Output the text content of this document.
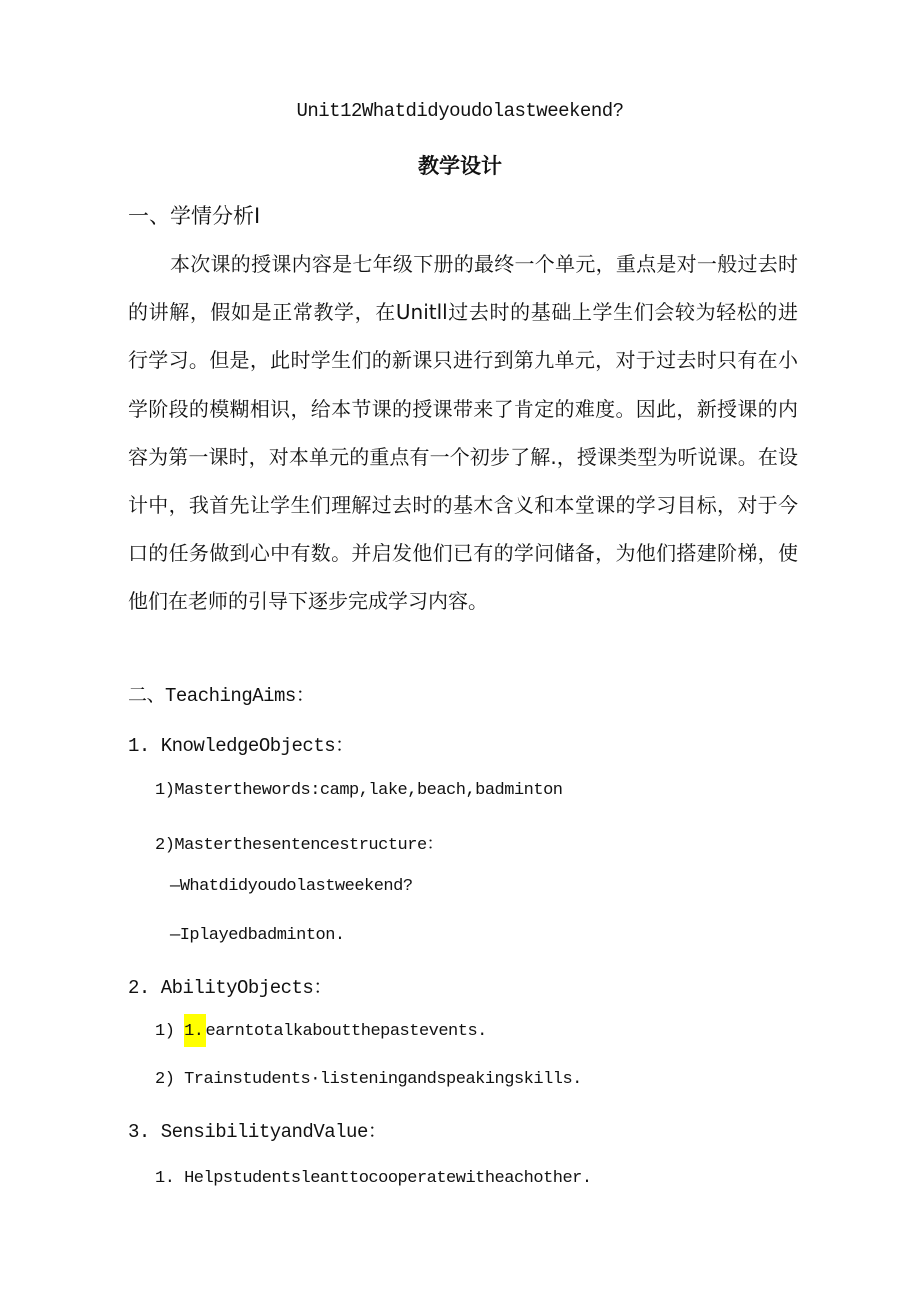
Unit12Whatdidyoudolastweekend?

教学设计

一、学情分析I

本次课的授课内容是七年级下册的最终一个单元，重点是对一般过去时的讲解，假如是正常教学，在Unitll过去时的基础上学生们会较为轻松的进行学习。但是，此时学生们的新课只进行到第九单元，对于过去时只有在小学阶段的模糊相识，给本节课的授课带来了肯定的难度。因此，新授课的内容为第一课时，对本单元的重点有一个初步了解.，授课类型为听说课。在设计中，我首先让学生们理解过去时的基木含义和本堂课的学习目标，对于今口的任务做到心中有数。并启发他们已有的学问储备，为他们搭建阶梯，使他们在老师的引导下逐步完成学习内容。

二、TeachingAims：

1. KnowledgeObjects：

1)Masterthewords:camp,lake,beach,badminton

2)Masterthesentencestructure：

—Whatdidyoudolastweekend?

—Iplayedbadminton.

2. AbilityObjects：

1) 1. earntotalkaboutthepastevents.

2) Trainstudents·listeningandspeakingskills.

3. SensibilityandValue：

1. Helpstudentsleanttocooperatewitheachother.
